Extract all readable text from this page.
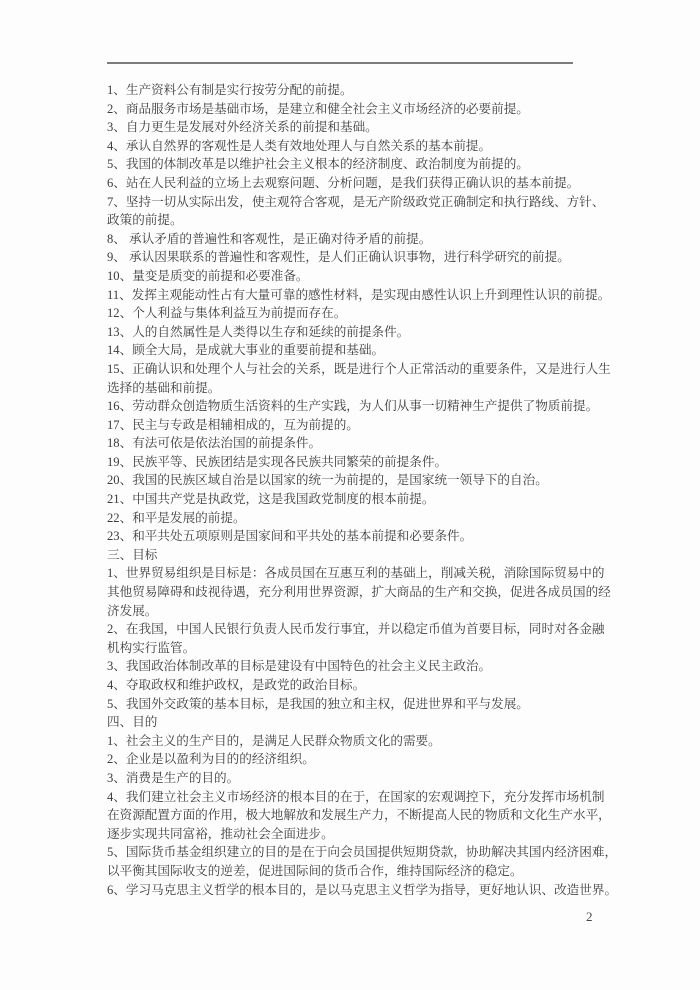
1、生产资料公有制是实行按劳分配的前提。
2、商品服务市场是基础市场，是建立和健全社会主义市场经济的必要前提。
3、自力更生是发展对外经济关系的前提和基础。
4、承认自然界的客观性是人类有效地处理人与自然关系的基本前提。
5、我国的体制改革是以维护社会主义根本的经济制度、政治制度为前提的。
6、站在人民利益的立场上去观察问题、分析问题，是我们获得正确认识的基本前提。
7、坚持一切从实际出发，使主观符合客观，是无产阶级政党正确制定和执行路线、方针、
政策的前提。
8、 承认矛盾的普遍性和客观性，是正确对待矛盾的前提。
9、 承认因果联系的普遍性和客观性，是人们正确认识事物，进行科学研究的前提。
10、量变是质变的前提和必要准备。
11、发挥主观能动性占有大量可靠的感性材料，是实现由感性认识上升到理性认识的前提。
12、个人利益与集体利益互为前提而存在。
13、人的自然属性是人类得以生存和延续的前提条件。
14、顾全大局，是成就大事业的重要前提和基础。
15、正确认识和处理个人与社会的关系，既是进行个人正常活动的重要条件，又是进行人生
选择的基础和前提。
16、劳动群众创造物质生活资料的生产实践，为人们从事一切精神生产提供了物质前提。
17、民主与专政是相辅相成的，互为前提的。
18、有法可依是依法治国的前提条件。
19、民族平等、民族团结是实现各民族共同繁荣的前提条件。
20、我国的民族区域自治是以国家的统一为前提的，是国家统一领导下的自治。
21、中国共产党是执政党，这是我国政党制度的根本前提。
22、和平是发展的前提。
23、和平共处五项原则是国家间和平共处的基本前提和必要条件。
三、目标
1、世界贸易组织是目标是：各成员国在互惠互利的基础上，削减关税，消除国际贸易中的
其他贸易障碍和歧视待遇，充分利用世界资源，扩大商品的生产和交换，促进各成员国的经
济发展。
2、在我国，中国人民银行负责人民币发行事宜，并以稳定币值为首要目标，同时对各金融
机构实行监管。
3、我国政治体制改革的目标是建设有中国特色的社会主义民主政治。
4、夺取政权和维护政权，是政党的政治目标。
5、我国外交政策的基本目标，是我国的独立和主权，促进世界和平与发展。
四、目的
1、社会主义的生产目的，是满足人民群众物质文化的需要。
2、企业是以盈利为目的的经济组织。
3、消费是生产的目的。
4、我们建立社会主义市场经济的根本目的在于，在国家的宏观调控下，充分发挥市场机制
在资源配置方面的作用，极大地解放和发展生产力，不断提高人民的物质和文化生产水平，
逐步实现共同富裕，推动社会全面进步。
5、国际货币基金组织建立的目的是在于向会员国提供短期贷款，协助解决其国内经济困难，
以平衡其国际收支的逆差，促进国际间的货币合作，维持国际经济的稳定。
6、学习马克思主义哲学的根本目的，是以马克思主义哲学为指导，更好地认识、改造世界。
2
